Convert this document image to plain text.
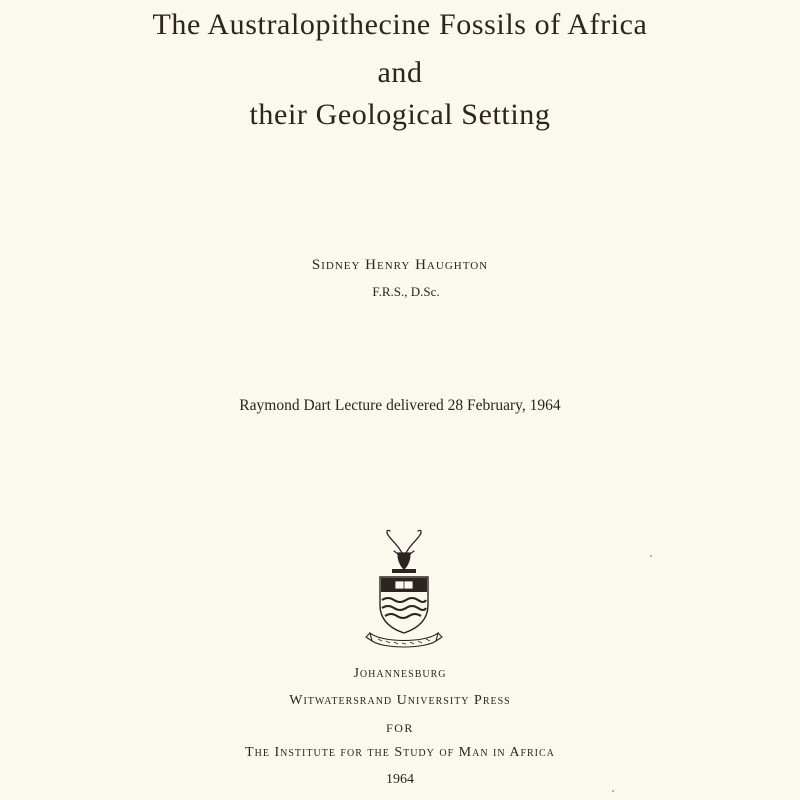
The Australopithecine Fossils of Africa
and
their Geological Setting
Sidney Henry Haughton
F.R.S., D.Sc.
Raymond Dart Lecture delivered 28 February, 1964
Johannesburg
Witwatersrand University Press
FOR
The Institute for the Study of Man in Africa
1964
